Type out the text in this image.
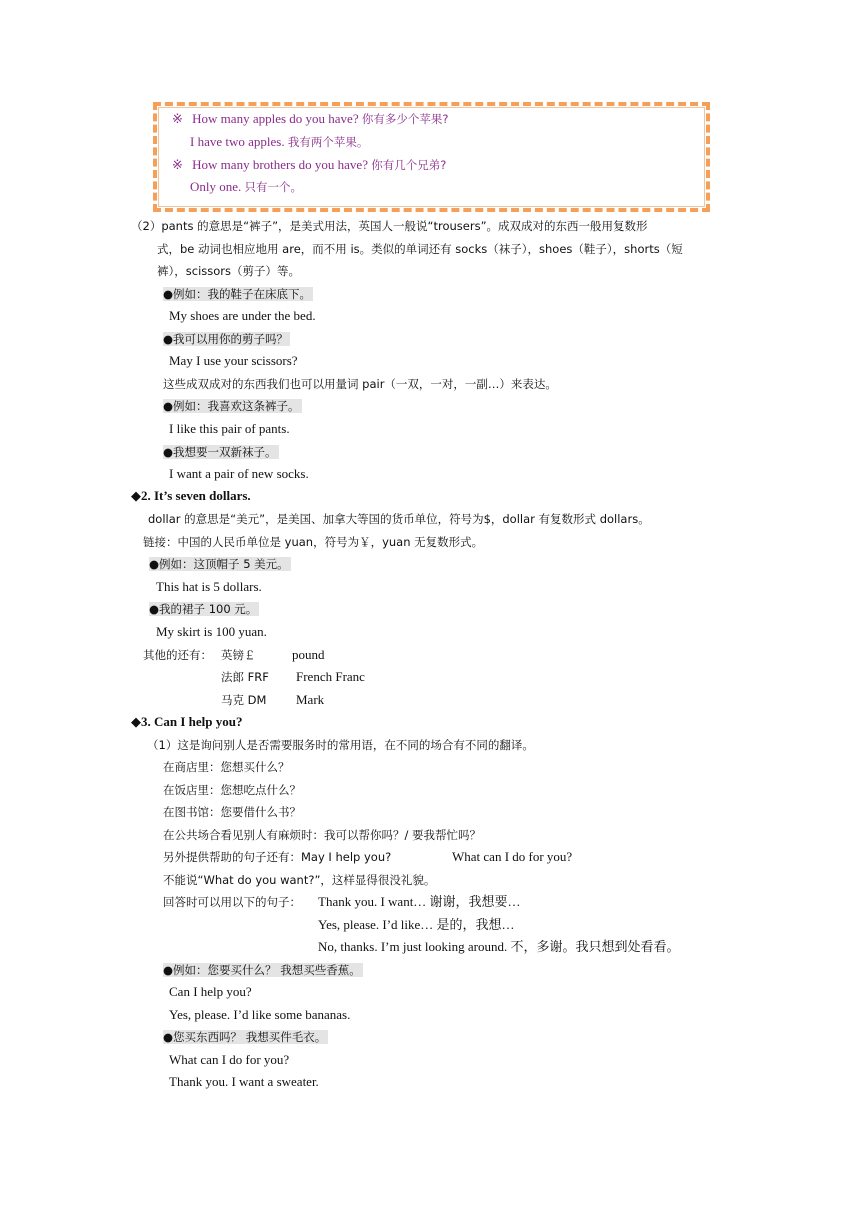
※ How many apples do you have? 你有多少个苹果?
I have two apples. 我有两个苹果。
※ How many brothers do you have? 你有几个兄弟?
Only one. 只有一个。
（2）pants 的意思是“裤子”，是美式用法，英国人一般说“trousers”。成双成对的东西一般用复数形
式，be 动词也相应地用 are，而不用 is。类似的单词还有 socks（袜子），shoes（鞋子），shorts（短
裤），scissors（剪子）等。
●例如：我的鞋子在床底下。
My shoes are under the bed.
●我可以用你的剪子吗？
May I use your scissors?
这些成双成对的东西我们也可以用量词 pair（一双，一对，一副…）来表达。
●例如：我喜欢这条裤子。
I like this pair of pants.
●我想要一双新袜子。
I want a pair of new socks.
◆2. It’s seven dollars.
dollar 的意思是“美元”，是美国、加拿大等国的货币单位，符号为$，dollar 有复数形式 dollars。
链接：中国的人民币单位是 yuan，符号为￥，yuan 无复数形式。
●例如：这顶帽子 5 美元。
This hat is 5 dollars.
●我的裙子 100 元。
My skirt is 100 yuan.
其他的还有： 英镑￡	pound
法郎 FRF French Franc
马克 DM Mark
◆3. Can I help you?
（1）这是询问别人是否需要服务时的常用语，在不同的场合有不同的翻译。
在商店里：您想买什么？
在饭店里：您想吃点什么？
在图书馆：您要借什么书？
在公共场合看见别人有麻烦时：我可以帮你吗？/ 要我帮忙吗？
另外提供帮助的句子还有：May I help you?	What can I do for you?
不能说“What do you want?”，这样显得很没礼貌。
回答时可以用以下的句子： Thank you. I want… 谢谢，我想要…
Yes, please. I’d like… 是的，我想…
No, thanks. I’m just looking around. 不，多谢。我只想到处看看。
●例如：您要买什么？ 我想买些香蕉。
Can I help you?
Yes, please. I’d like some bananas.
●您买东西吗？ 我想买件毛衣。
What can I do for you?
Thank you. I want a sweater.
